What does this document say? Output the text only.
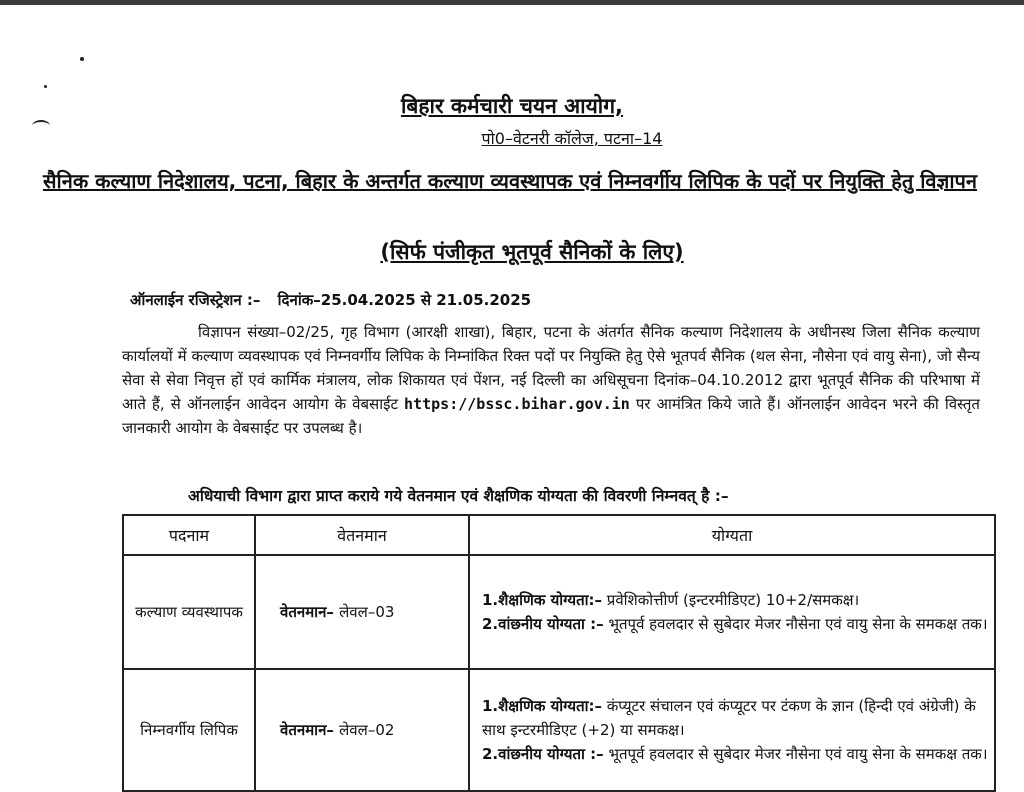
बिहार कर्मचारी चयन आयोग,
पो0–वेटनरी कॉलेज, पटना–14
सैनिक कल्याण निदेशालय, पटना, बिहार के अन्तर्गत कल्याण व्यवस्थापक एवं निम्नवर्गीय लिपिक के पदों पर नियुक्ति हेतु विज्ञापन
(सिर्फ पंजीकृत भूतपूर्व सैनिकों के लिए)
ऑनलाईन रजिस्ट्रेशन :– दिनांक–25.04.2025 से 21.05.2025
विज्ञापन संख्या–02/25, गृह विभाग (आरक्षी शाखा), बिहार, पटना के अंतर्गत सैनिक कल्याण निदेशालय के अधीनस्थ जिला सैनिक कल्याण कार्यालयों में कल्याण व्यवस्थापक एवं निम्नवर्गीय लिपिक के निम्नांकित रिक्त पदों पर नियुक्ति हेतु ऐसे भूतपर्व सैनिक (थल सेना, नौसेना एवं वायु सेना), जो सैन्य सेवा से सेवा निवृत्त हों एवं कार्मिक मंत्रालय, लोक शिकायत एवं पेंशन, नई दिल्ली का अधिसूचना दिनांक–04.10.2012 द्वारा भूतपूर्व सैनिक की परिभाषा में आते हैं, से ऑनलाईन आवेदन आयोग के वेबसाईट https://bssc.bihar.gov.in पर आमंत्रित किये जाते हैं। ऑनलाईन आवेदन भरने की विस्तृत जानकारी आयोग के वेबसाईट पर उपलब्ध है।
अधियाची विभाग द्वारा प्राप्त कराये गये वेतनमान एवं शैक्षणिक योग्यता की विवरणी निम्नवत् है :–
पदनाम	वेतनमान	योग्यता
कल्याण व्यवस्थापक	वेतनमान– लेवल–03	1.शैक्षणिक योग्यता:– प्रवेशिकोत्तीर्ण (इन्टरमीडिएट) 10+2/समकक्ष।
2.वांछनीय योग्यता :– भूतपूर्व हवलदार से सुबेदार मेजर नौसेना एवं वायु सेना के समकक्ष तक।

निम्नवर्गीय लिपिक	वेतनमान– लेवल–02	1.शैक्षणिक योग्यता:– कंप्यूटर संचालन एवं कंप्यूटर पर टंकण के ज्ञान (हिन्दी एवं अंग्रेजी) के साथ इन्टरमीडिएट (+2) या समकक्ष।
2.वांछनीय योग्यता :– भूतपूर्व हवलदार से सुबेदार मेजर नौसेना एवं वायु सेना के समकक्ष तक।
